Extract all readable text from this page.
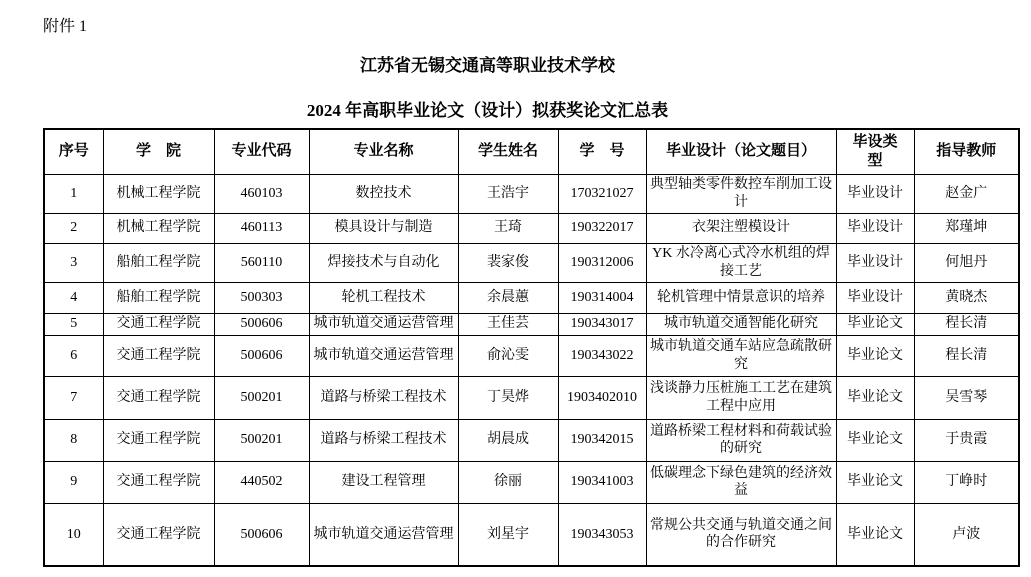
附件 1
江苏省无锡交通高等职业技术学校
2024 年高职毕业论文（设计）拟获奖论文汇总表
序号	学　院	专业代码	专业名称	学生姓名	学　号	毕业设计（论文题目）	毕设类型	指导教师
1	机械工程学院	460103	数控技术	王浩宇	170321027	典型轴类零件数控车削加工设计	毕业设计	赵金广
2	机械工程学院	460113	模具设计与制造	王琦	190322017	衣架注塑模设计	毕业设计	郑瑾坤
3	船舶工程学院	560110	焊接技术与自动化	裴家俊	190312006	YK 水冷离心式冷水机组的焊接工艺	毕业设计	何旭丹
4	船舶工程学院	500303	轮机工程技术	余晨蕙	190314004	轮机管理中情景意识的培养	毕业设计	黄晓杰
5	交通工程学院	500606	城市轨道交通运营管理	王佳芸	190343017	城市轨道交通智能化研究	毕业论文	程长清
6	交通工程学院	500606	城市轨道交通运营管理	俞沁雯	190343022	城市轨道交通车站应急疏散研究	毕业论文	程长清
7	交通工程学院	500201	道路与桥梁工程技术	丁昊烨	1903402010	浅谈静力压桩施工工艺在建筑工程中应用	毕业论文	吴雪琴
8	交通工程学院	500201	道路与桥梁工程技术	胡晨成	190342015	道路桥梁工程材料和荷载试验的研究	毕业论文	于贵霞
9	交通工程学院	440502	建设工程管理	徐丽	190341003	低碳理念下绿色建筑的经济效益	毕业论文	丁峥时
10	交通工程学院	500606	城市轨道交通运营管理	刘星宇	190343053	常规公共交通与轨道交通之间的合作研究	毕业论文	卢波
